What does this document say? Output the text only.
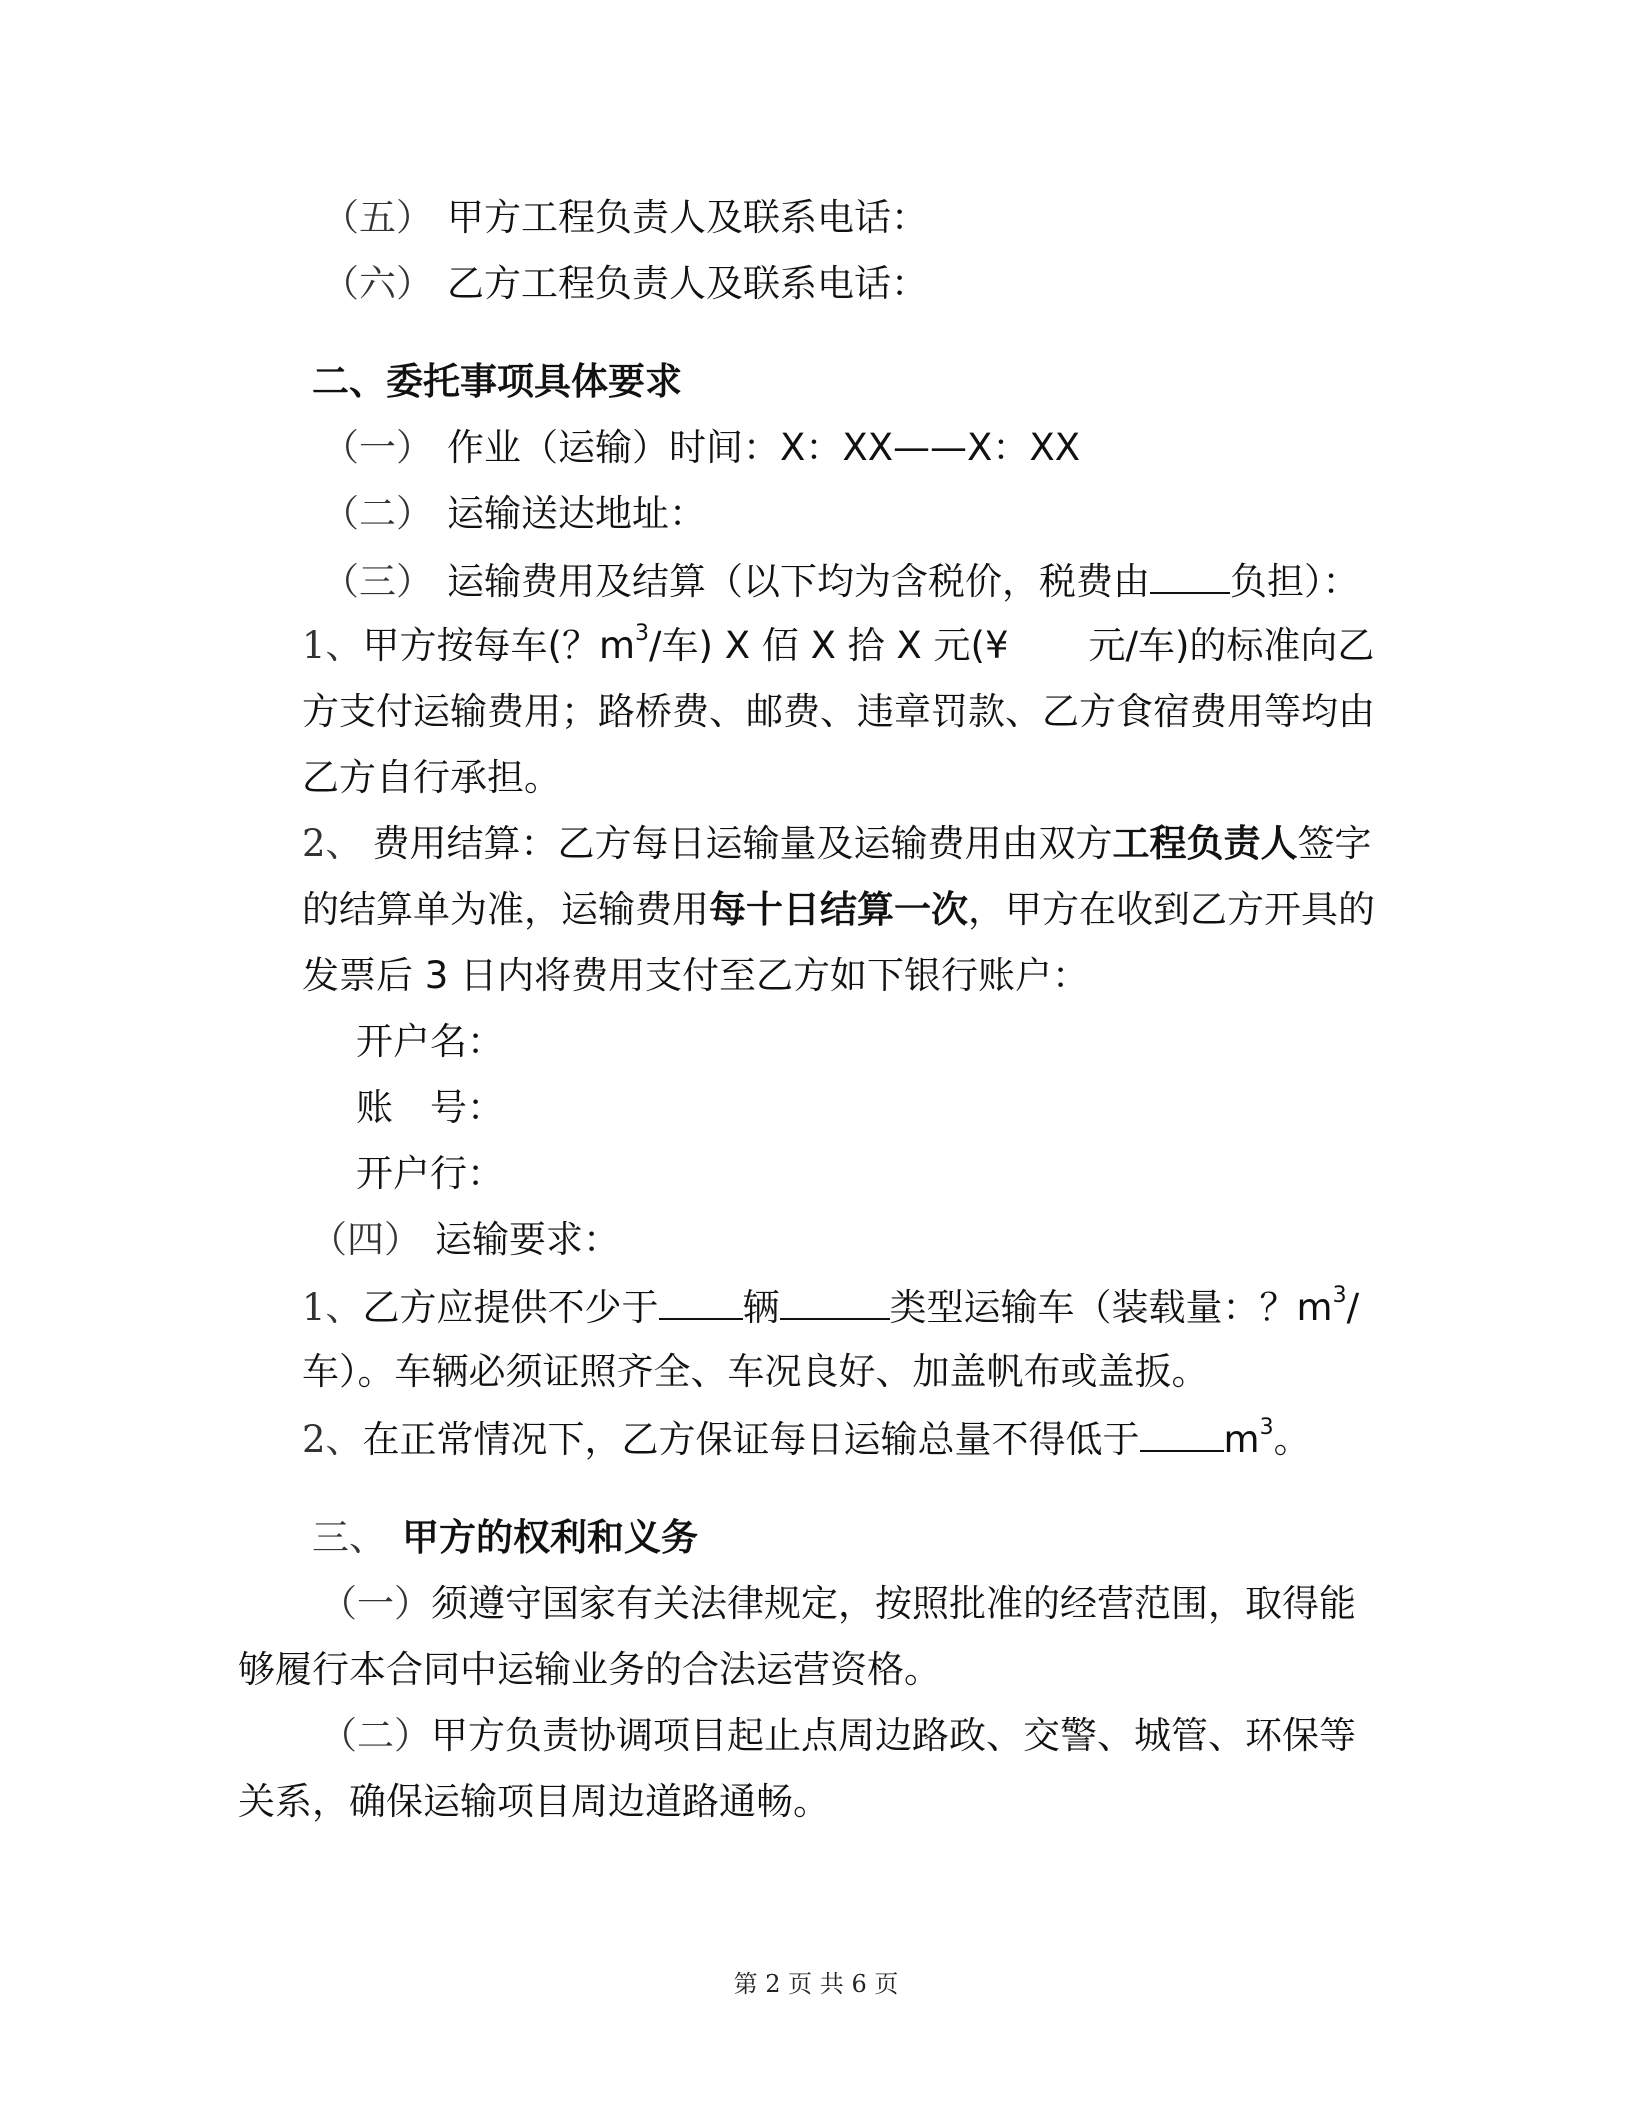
（五） 甲方工程负责人及联系电话：
（六） 乙方工程负责人及联系电话：
二、委托事项具体要求
（一） 作业（运输）时间：X：XX——X：XX
（二） 运输送达地址：
（三） 运输费用及结算（以下均为含税价，税费由 负担）：
1、甲方按每车(？$m^3/$车) X 佰 X 拾 X 元(¥ 元/车)的标准向乙
方支付运输费用；路桥费、邮费、违章罚款、乙方食宿费用等均由
乙方自行承担。
2、 费用结算：乙方每日运输量及运输费用由双方工程负责人签字
的结算单为准，运输费用每十日结算一次，甲方在收到乙方开具的
发票后 3 日内将费用支付至乙方如下银行账户：
开户名：
账　号：
开户行：
（四） 运输要求：
1、乙方应提供不少于 辆	类型运输车（装载量：？$m^3/$
车）。车辆必须证照齐全、车况良好、加盖帆布或盖扳。
2、在正常情况下，乙方保证每日运输总量不得低于 $m^3$。
三、 甲方的权利和义务
（一）须遵守国家有关法律规定，按照批准的经营范围，取得能
够履行本合同中运输业务的合法运营资格。
（二）甲方负责协调项目起止点周边路政、交警、城管、环保等
关系，确保运输项目周边道路通畅。
第 2 页 共 6 页
